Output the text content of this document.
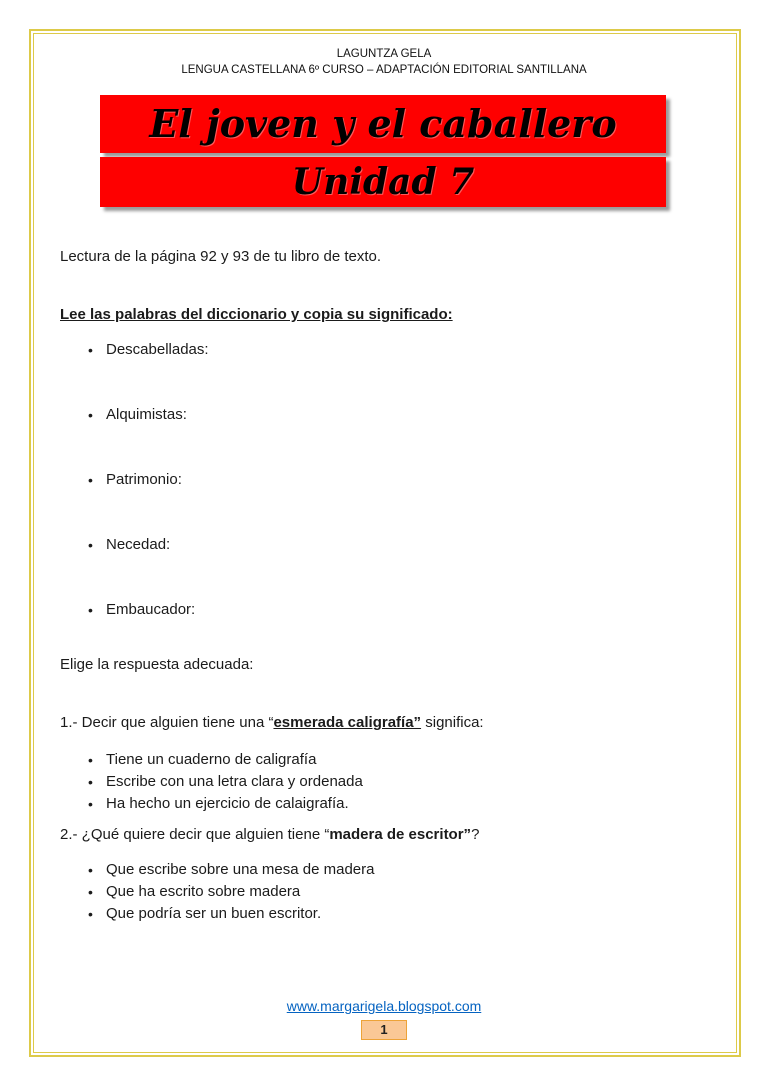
LAGUNTZA GELA
LENGUA CASTELLANA 6º CURSO – ADAPTACIÓN EDITORIAL SANTILLANA
El joven y el caballero
Unidad 7
Lectura de la página 92 y 93 de tu libro de texto.
Lee las palabras del diccionario y copia su significado:
• Descabelladas:
• Alquimistas:
• Patrimonio:
• Necedad:
• Embaucador:
Elige la respuesta adecuada:
1.- Decir que alguien tiene una “esmerada caligrafía” significa:
• Tiene un cuaderno de caligrafía
• Escribe con una letra clara y ordenada
• Ha hecho un ejercicio de calaigrafía.
2.- ¿Qué quiere decir que alguien tiene “madera de escritor”?
• Que escribe sobre una mesa de madera
• Que ha escrito sobre madera
• Que podría ser un buen escritor.
www.margarigela.blogspot.com
1
